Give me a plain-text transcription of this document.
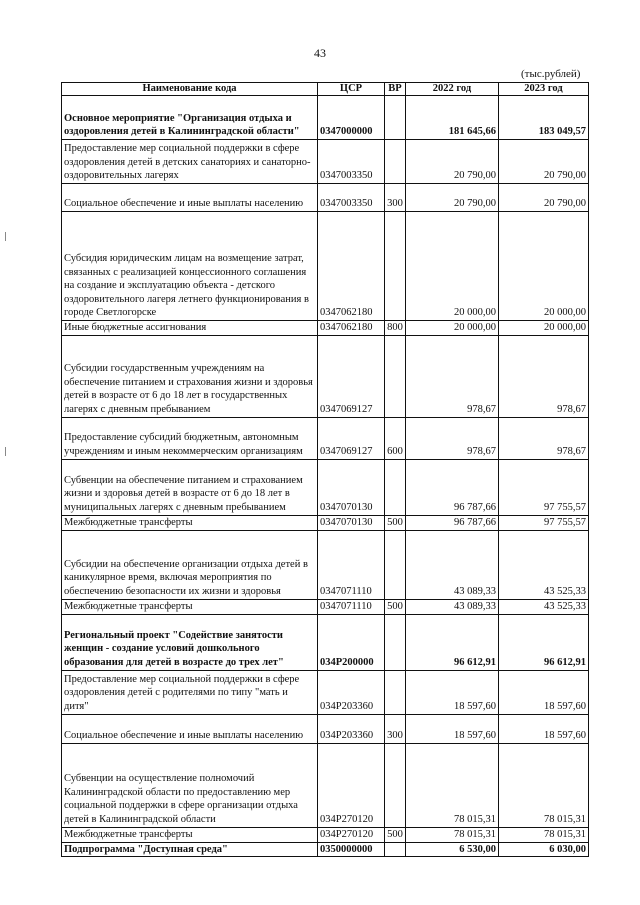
43
(тыс.рублей)
Наименование кода	ЦСР	ВР	2022 год	2023 год
Основное мероприятие "Организация отдыха и оздоровления детей в Калининградской области"	0347000000		181 645,66	183 049,57
Предоставление мер социальной поддержки в сфере оздоровления детей в детских санаториях и санаторно-оздоровительных лагерях	0347003350		20 790,00	20 790,00
Социальное обеспечение и иные выплаты населению	0347003350	300	20 790,00	20 790,00
Субсидия юридическим лицам на возмещение затрат, связанных с реализацией концессионного соглашения на создание и эксплуатацию объекта - детского оздоровительного лагеря летнего функционирования в городе Светлогорске	0347062180		20 000,00	20 000,00
Иные бюджетные ассигнования	0347062180	800	20 000,00	20 000,00
Субсидии государственным учреждениям на обеспечение питанием и страхования жизни и здоровья детей в возрасте от 6 до 18 лет в государственных лагерях с дневным пребыванием	0347069127		978,67	978,67
Предоставление субсидий бюджетным, автономным учреждениям и иным некоммерческим организациям	0347069127	600	978,67	978,67
Субвенции на обеспечение питанием и страхованием жизни и здоровья детей в возрасте от 6 до 18 лет в муниципальных лагерях с дневным пребыванием	0347070130		96 787,66	97 755,57
Межбюджетные трансферты	0347070130	500	96 787,66	97 755,57
Субсидии на обеспечение организации отдыха детей в каникулярное время, включая мероприятия по обеспечению безопасности их жизни и здоровья	0347071110		43 089,33	43 525,33
Межбюджетные трансферты	0347071110	500	43 089,33	43 525,33
Региональный проект "Содействие занятости женщин - создание условий дошкольного образования для детей в возрасте до трех лет"	034P200000		96 612,91	96 612,91
Предоставление мер социальной поддержки в сфере оздоровления детей с родителями по типу "мать и дитя"	034P203360		18 597,60	18 597,60
Социальное обеспечение и иные выплаты населению	034P203360	300	18 597,60	18 597,60
Субвенции на осуществление полномочий Калининградской области по предоставлению мер социальной поддержки в сфере организации отдыха детей в Калининградской области	034P270120		78 015,31	78 015,31
Межбюджетные трансферты	034P270120	500	78 015,31	78 015,31
Подпрограмма "Доступная среда"	0350000000		6 530,00	6 030,00
